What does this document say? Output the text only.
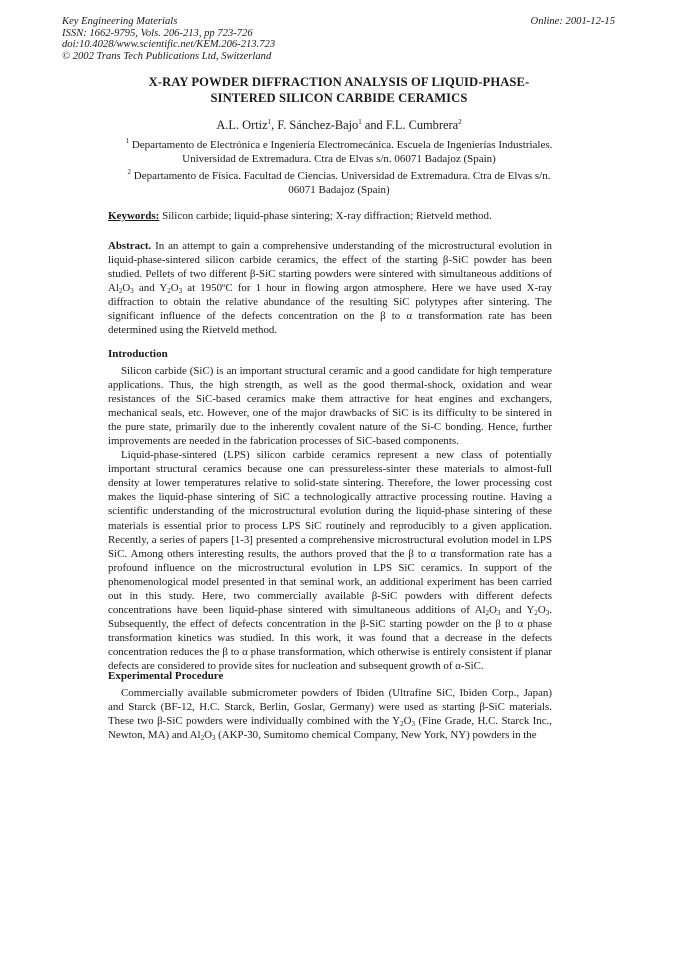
Key Engineering Materials
ISSN: 1662-9795, Vols. 206-213, pp 723-726
doi:10.4028/www.scientific.net/KEM.206-213.723
© 2002 Trans Tech Publications Ltd, Switzerland
Online: 2001-12-15
X-RAY POWDER DIFFRACTION ANALYSIS OF LIQUID-PHASE-
SINTERED SILICON CARBIDE CERAMICS
A.L. Ortiz$^1$, F. Sánchez-Bajo$^1$ and F.L. Cumbrera$^2$
$^1$ Departamento de Electrónica e Ingeniería Electromecánica. Escuela de Ingenierías Industriales.
Universidad de Extremadura. Ctra de Elvas s/n. 06071 Badajoz (Spain)
$^2$ Departamento de Física. Facultad de Ciencias. Universidad de Extremadura. Ctra de Elvas s/n.
06071 Badajoz (Spain)
Keywords: Silicon carbide; liquid-phase sintering; X-ray diffraction; Rietveld method.

Abstract. In an attempt to gain a comprehensive understanding of the microstructural evolution in liquid-phase-sintered silicon carbide ceramics, the effect of the starting β-SiC powder has been studied. Pellets of two different β-SiC starting powders were sintered with simultaneous additions of $Al_2O_3$ and $Y_2O_3$ at 1950ºC for 1 hour in flowing argon atmosphere. Here we have used X-ray diffraction to obtain the relative abundance of the resulting SiC polytypes after sintering. The significant influence of the defects concentration on the β to α transformation rate has been determined using the Rietveld method.

Introduction

Silicon carbide (SiC) is an important structural ceramic and a good candidate for high temperature applications. Thus, the high strength, as well as the good thermal-shock, oxidation and wear resistances of the SiC-based ceramics make them attractive for heat engines and exchangers, mechanical seals, etc. However, one of the major drawbacks of SiC is its difficulty to be sintered in the pure state, primarily due to the inherently covalent nature of the Si-C bonding. Hence, further improvements are needed in the fabrication processes of SiC-based components.

Liquid-phase-sintered (LPS) silicon carbide ceramics represent a new class of potentially important structural ceramics because one can pressureless-sinter these materials to almost-full density at lower temperatures relative to solid-state sintering. Therefore, the lower processing cost makes the liquid-phase sintering of SiC a technologically attractive processing routine. Having a scientific understanding of the microstructural evolution during the liquid-phase sintering of these materials is essential prior to process LPS SiC routinely and reproducibly to a given application. Recently, a series of papers [1-3] presented a comprehensive microstructural evolution model in LPS SiC. Among others interesting results, the authors proved that the β to α transformation rate has a profound influence on the microstructural evolution in LPS SiC ceramics. In support of the phenomenological model presented in that seminal work, an additional experiment has been carried out in this study. Here, two commercially available β-SiC powders with different defects concentrations have been liquid-phase sintered with simultaneous additions of $Al_2O_3$ and $Y_2O_3$. Subsequently, the effect of defects concentration in the β-SiC starting powder on the β to α phase transformation kinetics was studied. In this work, it was found that a decrease in the defects concentration reduces the β to α phase transformation, which otherwise is entirely consistent if planar defects are considered to provide sites for nucleation and subsequent growth of α-SiC.

Experimental Procedure

Commercially available submicrometer powders of Ibiden (Ultrafine SiC, Ibiden Corp., Japan) and Starck (BF-12, H.C. Starck, Berlin, Goslar, Germany) were used as starting β-SiC materials. These two β-SiC powders were individually combined with the $Y_2O_3$ (Fine Grade, H.C. Starck Inc., Newton, MA) and $Al_2O_3$ (AKP-30, Sumitomo chemical Company, New York, NY) powders in the
